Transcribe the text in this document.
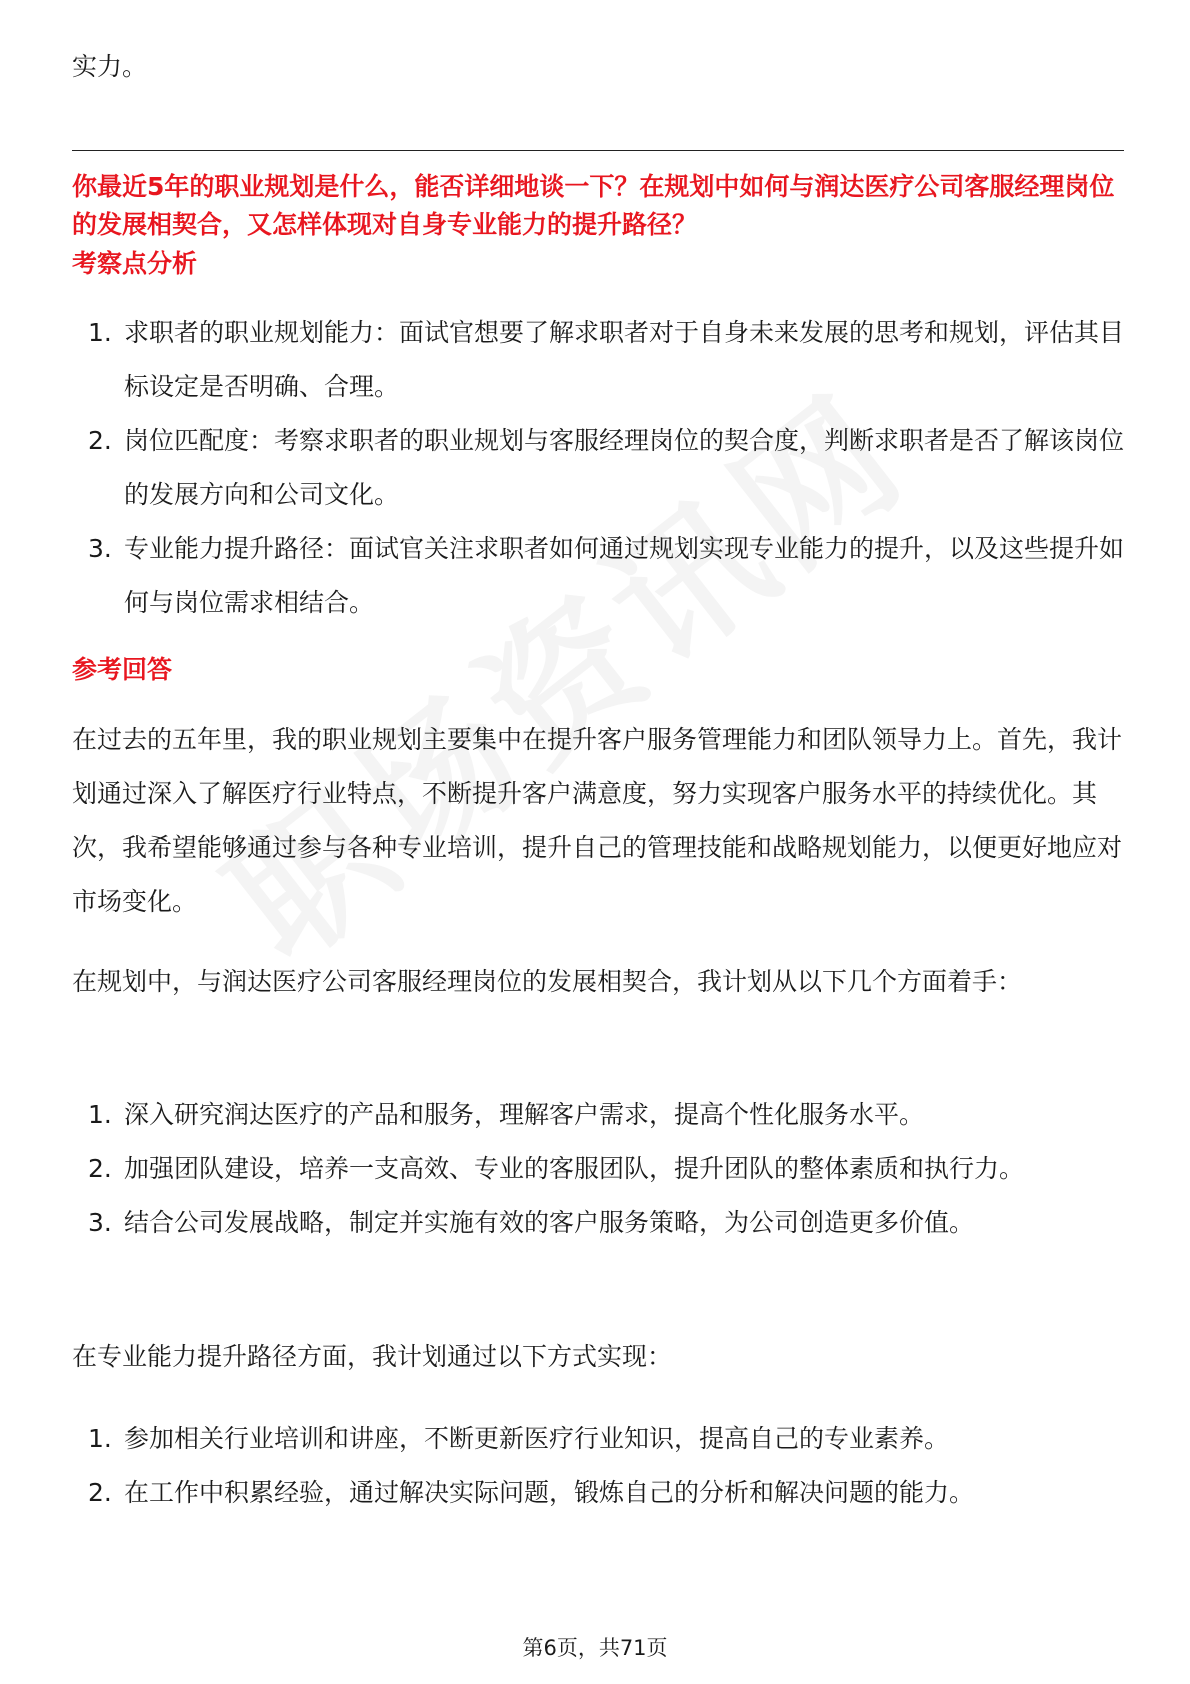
实力。

你最近5年的职业规划是什么，能否详细地谈一下？在规划中如何与润达医疗公司客服经理岗位的发展相契合，又怎样体现对自身专业能力的提升路径？

考察点分析
1. 求职者的职业规划能力：面试官想要了解求职者对于自身未来发展的思考和规划，评估其目标设定是否明确、合理。
2. 岗位匹配度：考察求职者的职业规划与客服经理岗位的契合度，判断求职者是否了解该岗位的发展方向和公司文化。
3. 专业能力提升路径：面试官关注求职者如何通过规划实现专业能力的提升，以及这些提升如何与岗位需求相结合。
参考回答

在过去的五年里，我的职业规划主要集中在提升客户服务管理能力和团队领导力上。首先，我计划通过深入了解医疗行业特点，不断提升客户满意度，努力实现客户服务水平的持续优化。其次，我希望能够通过参与各种专业培训，提升自己的管理技能和战略规划能力，以便更好地应对市场变化。

在规划中，与润达医疗公司客服经理岗位的发展相契合，我计划从以下几个方面着手：

1. 深入研究润达医疗的产品和服务，理解客户需求，提高个性化服务水平。
2. 加强团队建设，培养一支高效、专业的客服团队，提升团队的整体素质和执行力。
3. 结合公司发展战略，制定并实施有效的客户服务策略，为公司创造更多价值。

在专业能力提升路径方面，我计划通过以下方式实现：

1. 参加相关行业培训和讲座，不断更新医疗行业知识，提高自己的专业素养。
2. 在工作中积累经验，通过解决实际问题，锻炼自己的分析和解决问题的能力。
第6页，共71页
